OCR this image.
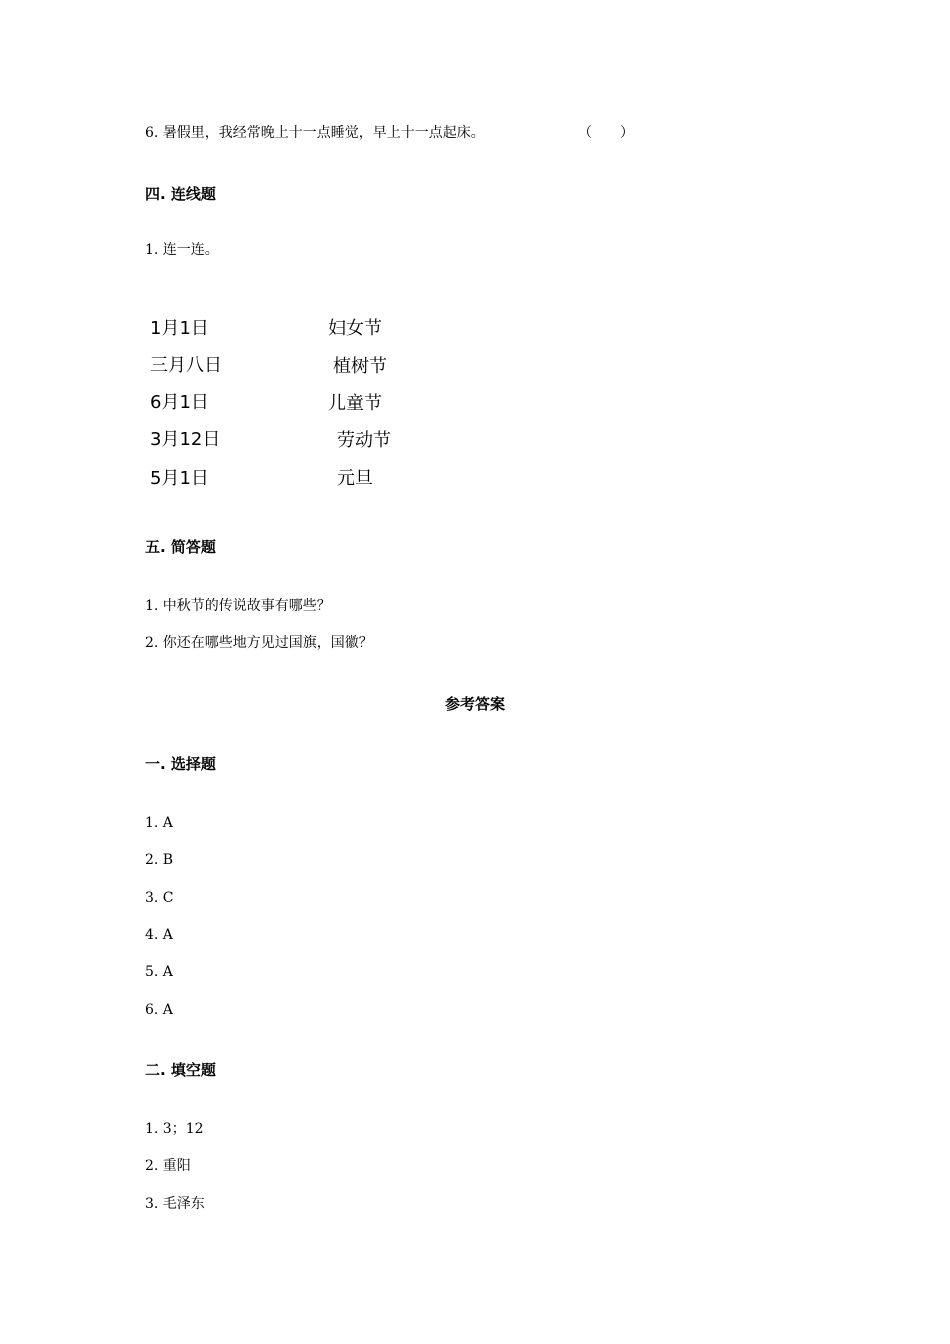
6. 暑假里，我经常晚上十一点睡觉，早上十一点起床。	（　　）
四. 连线题
1. 连一连。
1月1日
三月八日
6月1日
3月12日
5月1日
妇女节
植树节
儿童节
劳动节
元旦
五. 简答题
1. 中秋节的传说故事有哪些？
2. 你还在哪些地方见过国旗，国徽？
参考答案
一. 选择题
1. A
2. B
3. C
4. A
5. A
6. A
二. 填空题
1. 3；12
2. 重阳
3. 毛泽东
